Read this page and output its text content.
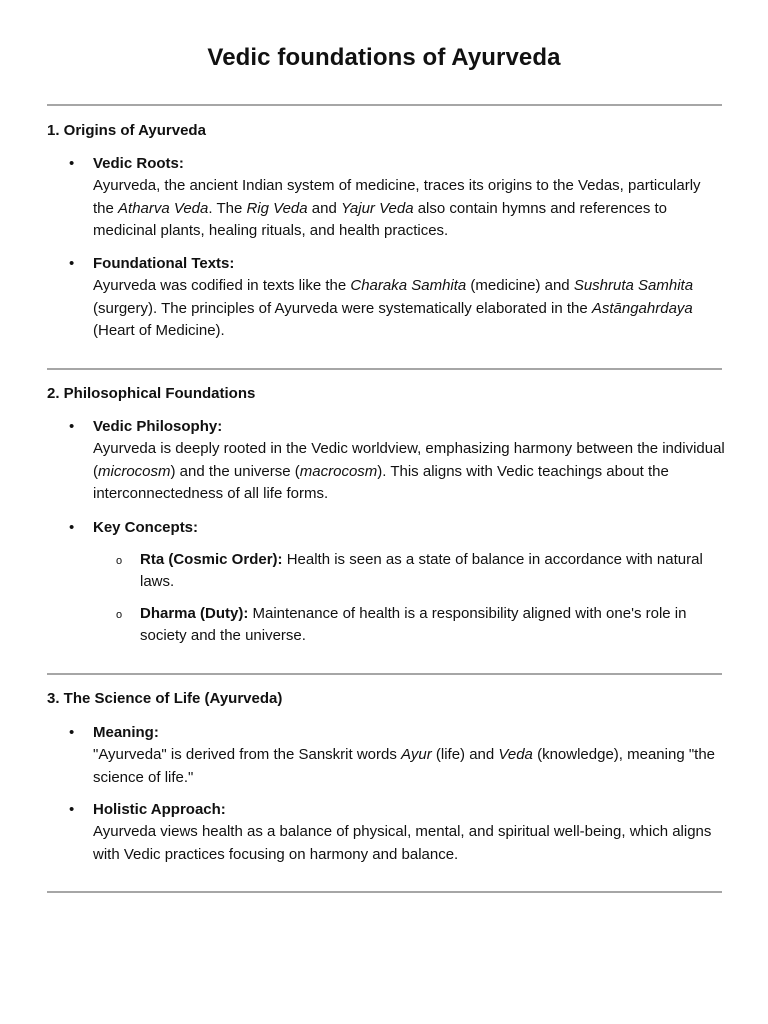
Vedic foundations of Ayurveda
1. Origins of Ayurveda
• Vedic Roots:
Ayurveda, the ancient Indian system of medicine, traces its origins to the Vedas, particularly the Atharva Veda. The Rig Veda and Yajur Veda also contain hymns and references to medicinal plants, healing rituals, and health practices.
• Foundational Texts:
Ayurveda was codified in texts like the Charaka Samhita (medicine) and Sushruta Samhita (surgery). The principles of Ayurveda were systematically elaborated in the Astāngahrdaya (Heart of Medicine).
2. Philosophical Foundations
• Vedic Philosophy:
Ayurveda is deeply rooted in the Vedic worldview, emphasizing harmony between the individual (microcosm) and the universe (macrocosm). This aligns with Vedic teachings about the interconnectedness of all life forms.
• Key Concepts:
o Rta (Cosmic Order): Health is seen as a state of balance in accordance with natural laws.
o Dharma (Duty): Maintenance of health is a responsibility aligned with one's role in society and the universe.
3. The Science of Life (Ayurveda)
• Meaning:
"Ayurveda" is derived from the Sanskrit words Ayur (life) and Veda (knowledge), meaning "the science of life."
• Holistic Approach:
Ayurveda views health as a balance of physical, mental, and spiritual well-being, which aligns with Vedic practices focusing on harmony and balance.
